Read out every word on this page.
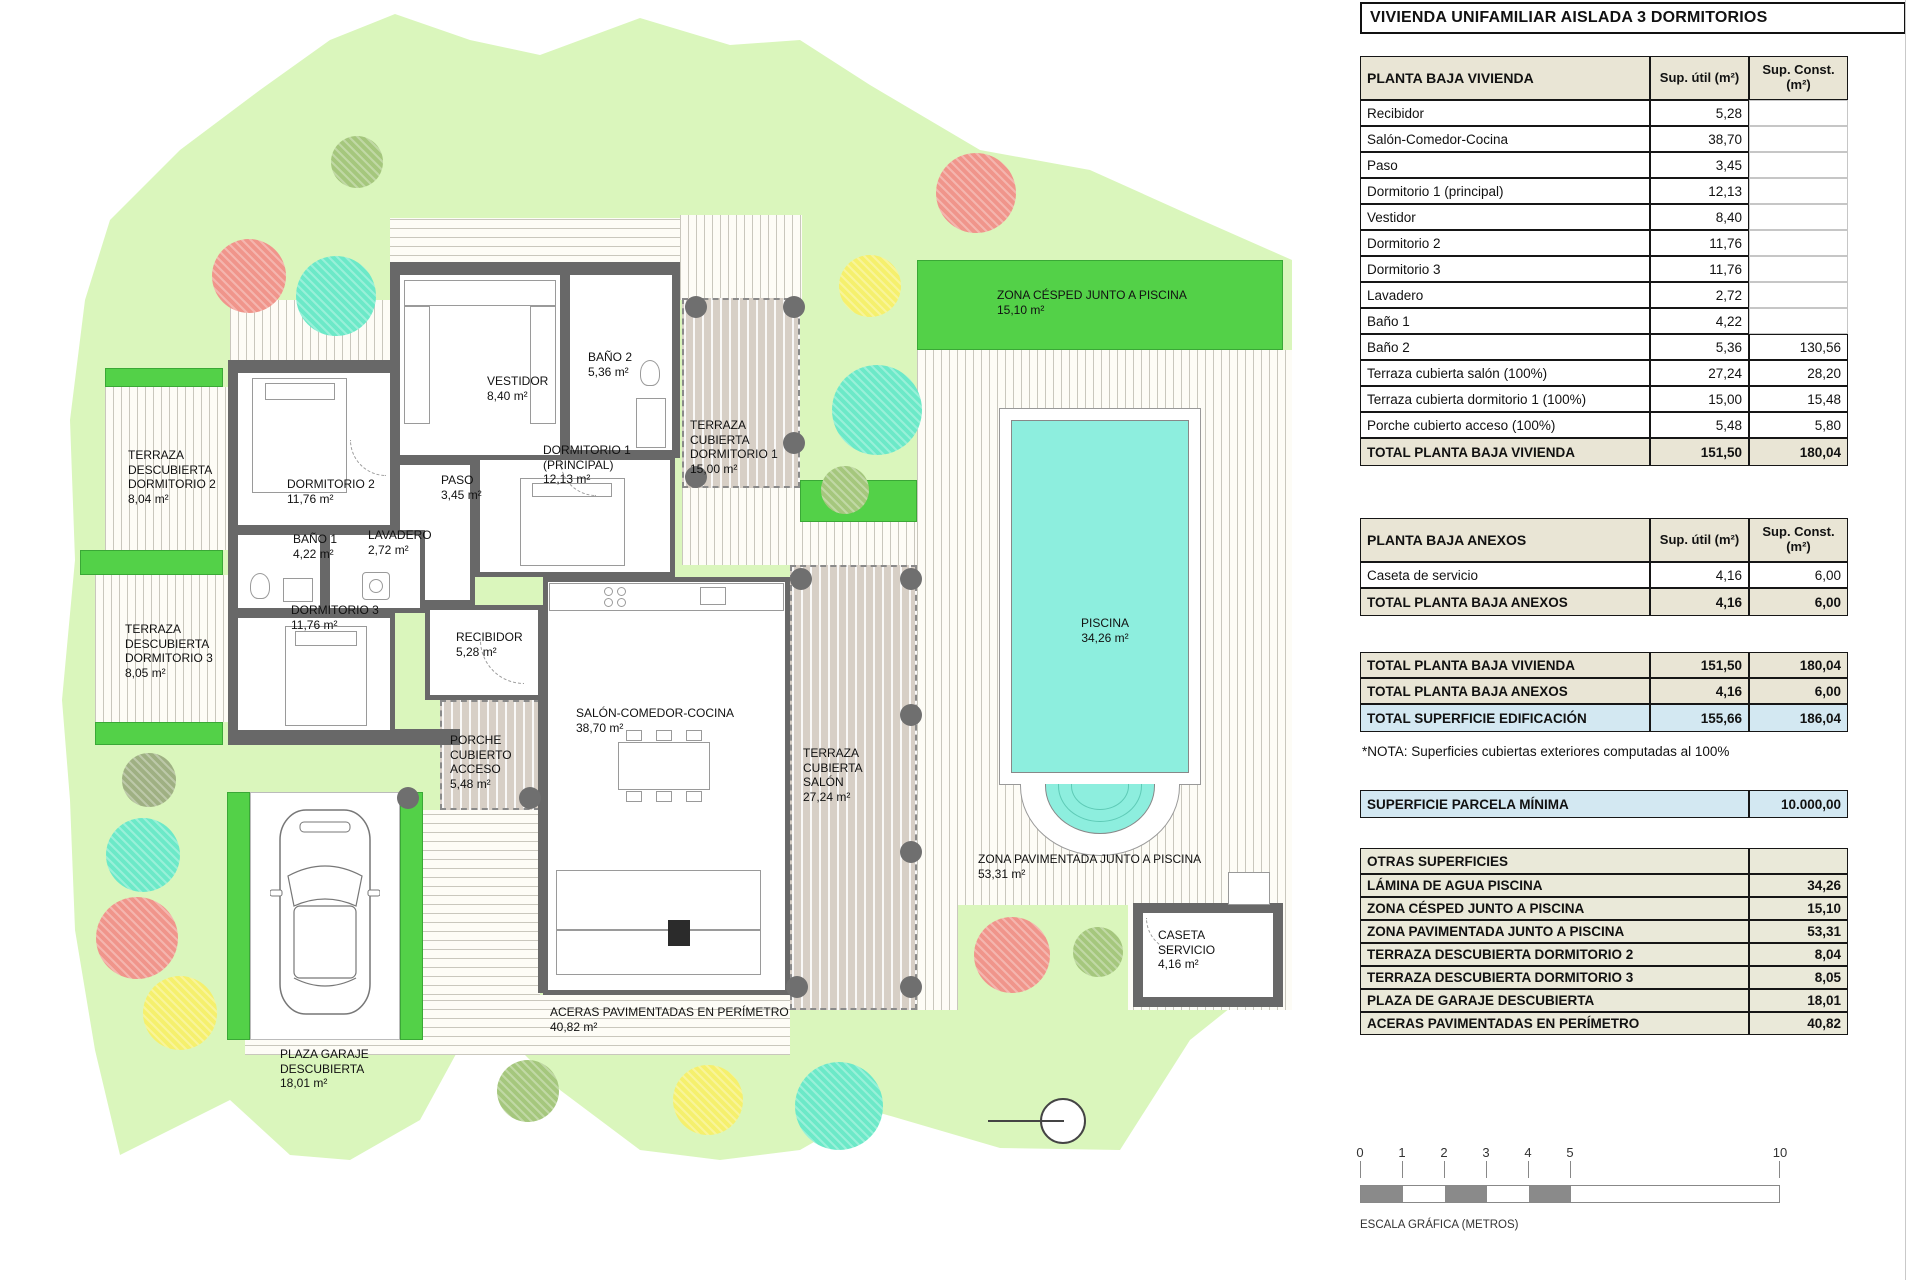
TERRAZA DESCUBIERTA DORMITORIO 2
8,04 m²
TERRAZA DESCUBIERTA DORMITORIO 3
8,05 m²
DORMITORIO 2
11,76 m²
BAÑO 1
4,22 m²
LAVADERO
2,72 m²
DORMITORIO 3
11,76 m²
VESTIDOR
8,40 m²
BAÑO 2
5,36 m²
PASO
3,45 m²
DORMITORIO 1 (PRINCIPAL)
12,13 m²
RECIBIDOR
5,28 m²
SALÓN-COMEDOR-COCINA
38,70 m²
TERRAZA CUBIERTA DORMITORIO 1
15,00 m²
TERRAZA CUBIERTA SALÓN
27,24 m²
PORCHE CUBIERTO ACCESO
5,48 m²
ZONA CÉSPED JUNTO A PISCINA
15,10 m²
PISCINA
34,26 m²
ZONA PAVIMENTADA JUNTO A PISCINA
53,31 m²
CASETA SERVICIO
4,16 m²
PLAZA GARAJE DESCUBIERTA
18,01 m²
ACERAS PAVIMENTADAS EN PERÍMETRO
40,82 m²
VIVIENDA UNIFAMILIAR AISLADA 3 DORMITORIOS
PLANTA BAJA VIVIENDA	Sup. útil (m²)	Sup. Const. (m²)
Recibidor	5,28
Salón-Comedor-Cocina	38,70
Paso	3,45
Dormitorio 1 (principal)	12,13
Vestidor	8,40
Dormitorio 2	11,76
Dormitorio 3	11,76
Lavadero	2,72
Baño 1	4,22
Baño 2	5,36	130,56
Terraza cubierta salón (100%)	27,24	28,20
Terraza cubierta dormitorio 1 (100%)	15,00	15,48
Porche cubierto acceso (100%)	5,48	5,80
TOTAL PLANTA BAJA VIVIENDA	151,50	180,04
PLANTA BAJA ANEXOS	Sup. útil (m²)	Sup. Const. (m²)
Caseta de servicio	4,16	6,00
TOTAL PLANTA BAJA ANEXOS	4,16	6,00
TOTAL PLANTA BAJA VIVIENDA	151,50	180,04
TOTAL PLANTA BAJA ANEXOS	4,16	6,00
TOTAL SUPERFICIE EDIFICACIÓN	155,66	186,04
*NOTA: Superficies cubiertas exteriores computadas al 100%
SUPERFICIE PARCELA MÍNIMA	10.000,00
OTRAS SUPERFICIES
LÁMINA DE AGUA PISCINA	34,26
ZONA CÉSPED JUNTO A PISCINA	15,10
ZONA PAVIMENTADA JUNTO A PISCINA	53,31
TERRAZA DESCUBIERTA DORMITORIO 2	8,04
TERRAZA DESCUBIERTA DORMITORIO 3	8,05
PLAZA DE GARAJE DESCUBIERTA	18,01
ACERAS PAVIMENTADAS EN PERÍMETRO	40,82
0	1	2	3	4	5	10
ESCALA GRÁFICA (METROS)
